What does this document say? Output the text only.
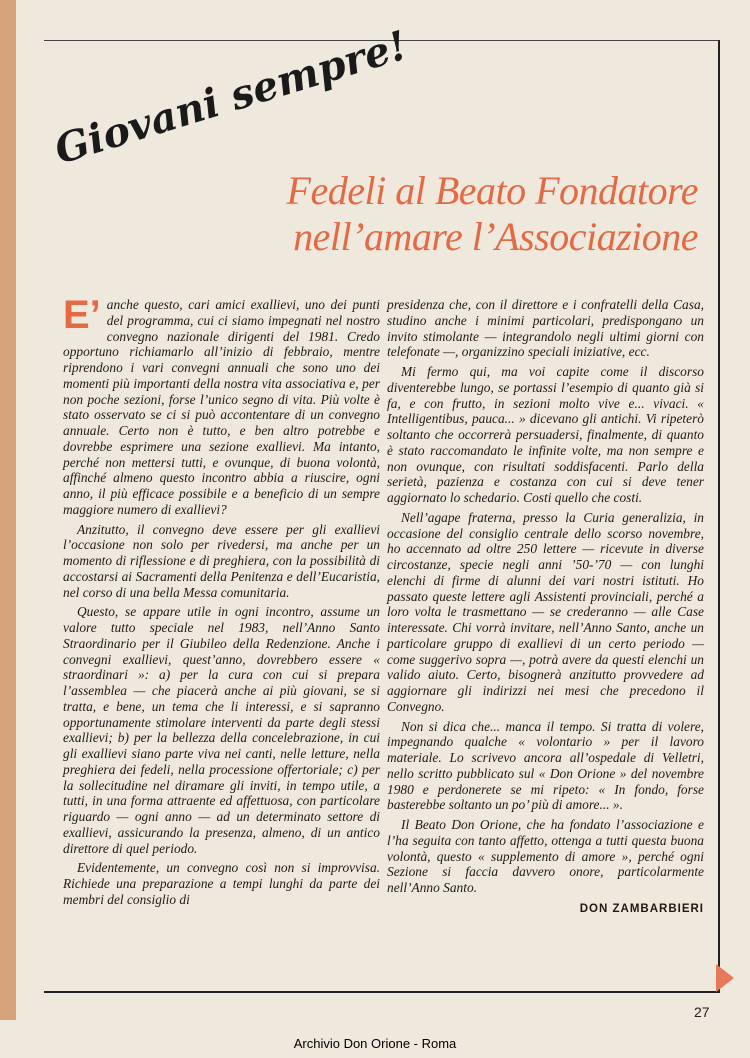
Giovani sempre!
Fedeli al Beato Fondatore
nell’amare l’Associazione

E’ anche questo, cari amici exallievi, uno dei punti del programma, cui ci siamo impegnati nel nostro convegno nazionale dirigenti del 1981. Credo opportuno richiamarlo all’inizio di febbraio, mentre riprendono i vari convegni annuali che sono uno dei momenti più importanti della nostra vita associativa e, per non poche sezioni, forse l’unico segno di vita. Più volte è stato osservato se ci si può accontentare di un convegno annuale. Certo non è tutto, e ben altro potrebbe e dovrebbe esprimere una sezione exallievi. Ma intanto, perché non mettersi tutti, e ovunque, di buona volontà, affinché almeno questo incontro abbia a riuscire, ogni anno, il più efficace possibile e a beneficio di un sempre maggiore numero di exallievi?

Anzitutto, il convegno deve essere per gli exallievi l’occasione non solo per rivedersi, ma anche per un momento di riflessione e di preghiera, con la possibilità di accostarsi ai Sacramenti della Penitenza e dell’Eucaristia, nel corso di una bella Messa comunitaria.

Questo, se appare utile in ogni incontro, assume un valore tutto speciale nel 1983, nell’Anno Santo Straordinario per il Giubileo della Redenzione. Anche i convegni exallievi, quest’anno, dovrebbero essere « straordinari »: a) per la cura con cui si prepara l’assemblea — che piacerà anche ai più giovani, se si tratta, e bene, un tema che li interessi, e si sapranno opportunamente stimolare interventi da parte degli stessi exallievi; b) per la bellezza della concelebrazione, in cui gli exallievi siano parte viva nei canti, nelle letture, nella preghiera dei fedeli, nella processione offertoriale; c) per la sollecitudine nel diramare gli inviti, in tempo utile, a tutti, in una forma attraente ed affettuosa, con particolare riguardo — ogni anno — ad un determinato settore di exallievi, assicurando la presenza, almeno, di un antico direttore di quel periodo.

Evidentemente, un convegno così non si improvvisa. Richiede una preparazione a tempi lunghi da parte dei membri del consiglio di

presidenza che, con il direttore e i confratelli della Casa, studino anche i minimi particolari, predispongano un invito stimolante — integrandolo negli ultimi giorni con telefonate —, organizzino speciali iniziative, ecc.

Mi fermo qui, ma voi capite come il discorso diventerebbe lungo, se portassi l’esempio di quanto già si fa, e con frutto, in sezioni molto vive e... vivaci. « Intelligentibus, pauca... » dicevano gli antichi. Vi ripeterò soltanto che occorrerà persuadersi, finalmente, di quanto è stato raccomandato le infinite volte, ma non sempre e non ovunque, con risultati soddisfacenti. Parlo della serietà, pazienza e costanza con cui si deve tener aggiornato lo schedario. Costi quello che costi.

Nell’agape fraterna, presso la Curia generalizia, in occasione del consiglio centrale dello scorso novembre, ho accennato ad oltre 250 lettere — ricevute in diverse circostanze, specie negli anni ’50-’70 — con lunghi elenchi di firme di alunni dei vari nostri istituti. Ho passato queste lettere agli Assistenti provinciali, perché a loro volta le trasmettano — se crederanno — alle Case interessate. Chi vorrà invitare, nell’Anno Santo, anche un particolare gruppo di exallievi di un certo periodo — come suggerivo sopra —, potrà avere da questi elenchi un valido aiuto. Certo, bisognerà anzitutto provvedere ad aggiornare gli indirizzi nei mesi che precedono il Convegno.

Non si dica che... manca il tempo. Si tratta di volere, impegnando qualche « volontario » per il lavoro materiale. Lo scrivevo ancora all’ospedale di Velletri, nello scritto pubblicato sul « Don Orione » del novembre 1980 e perdonerete se mi ripeto: « In fondo, forse basterebbe soltanto un po’ più di amore... ».

Il Beato Don Orione, che ha fondato l’associazione e l’ha seguita con tanto affetto, ottenga a tutti questa buona volontà, questo « supplemento di amore », perché ogni Sezione si faccia davvero onore, particolarmente nell’Anno Santo.

DON ZAMBARBIERI
27
Archivio Don Orione - Roma
